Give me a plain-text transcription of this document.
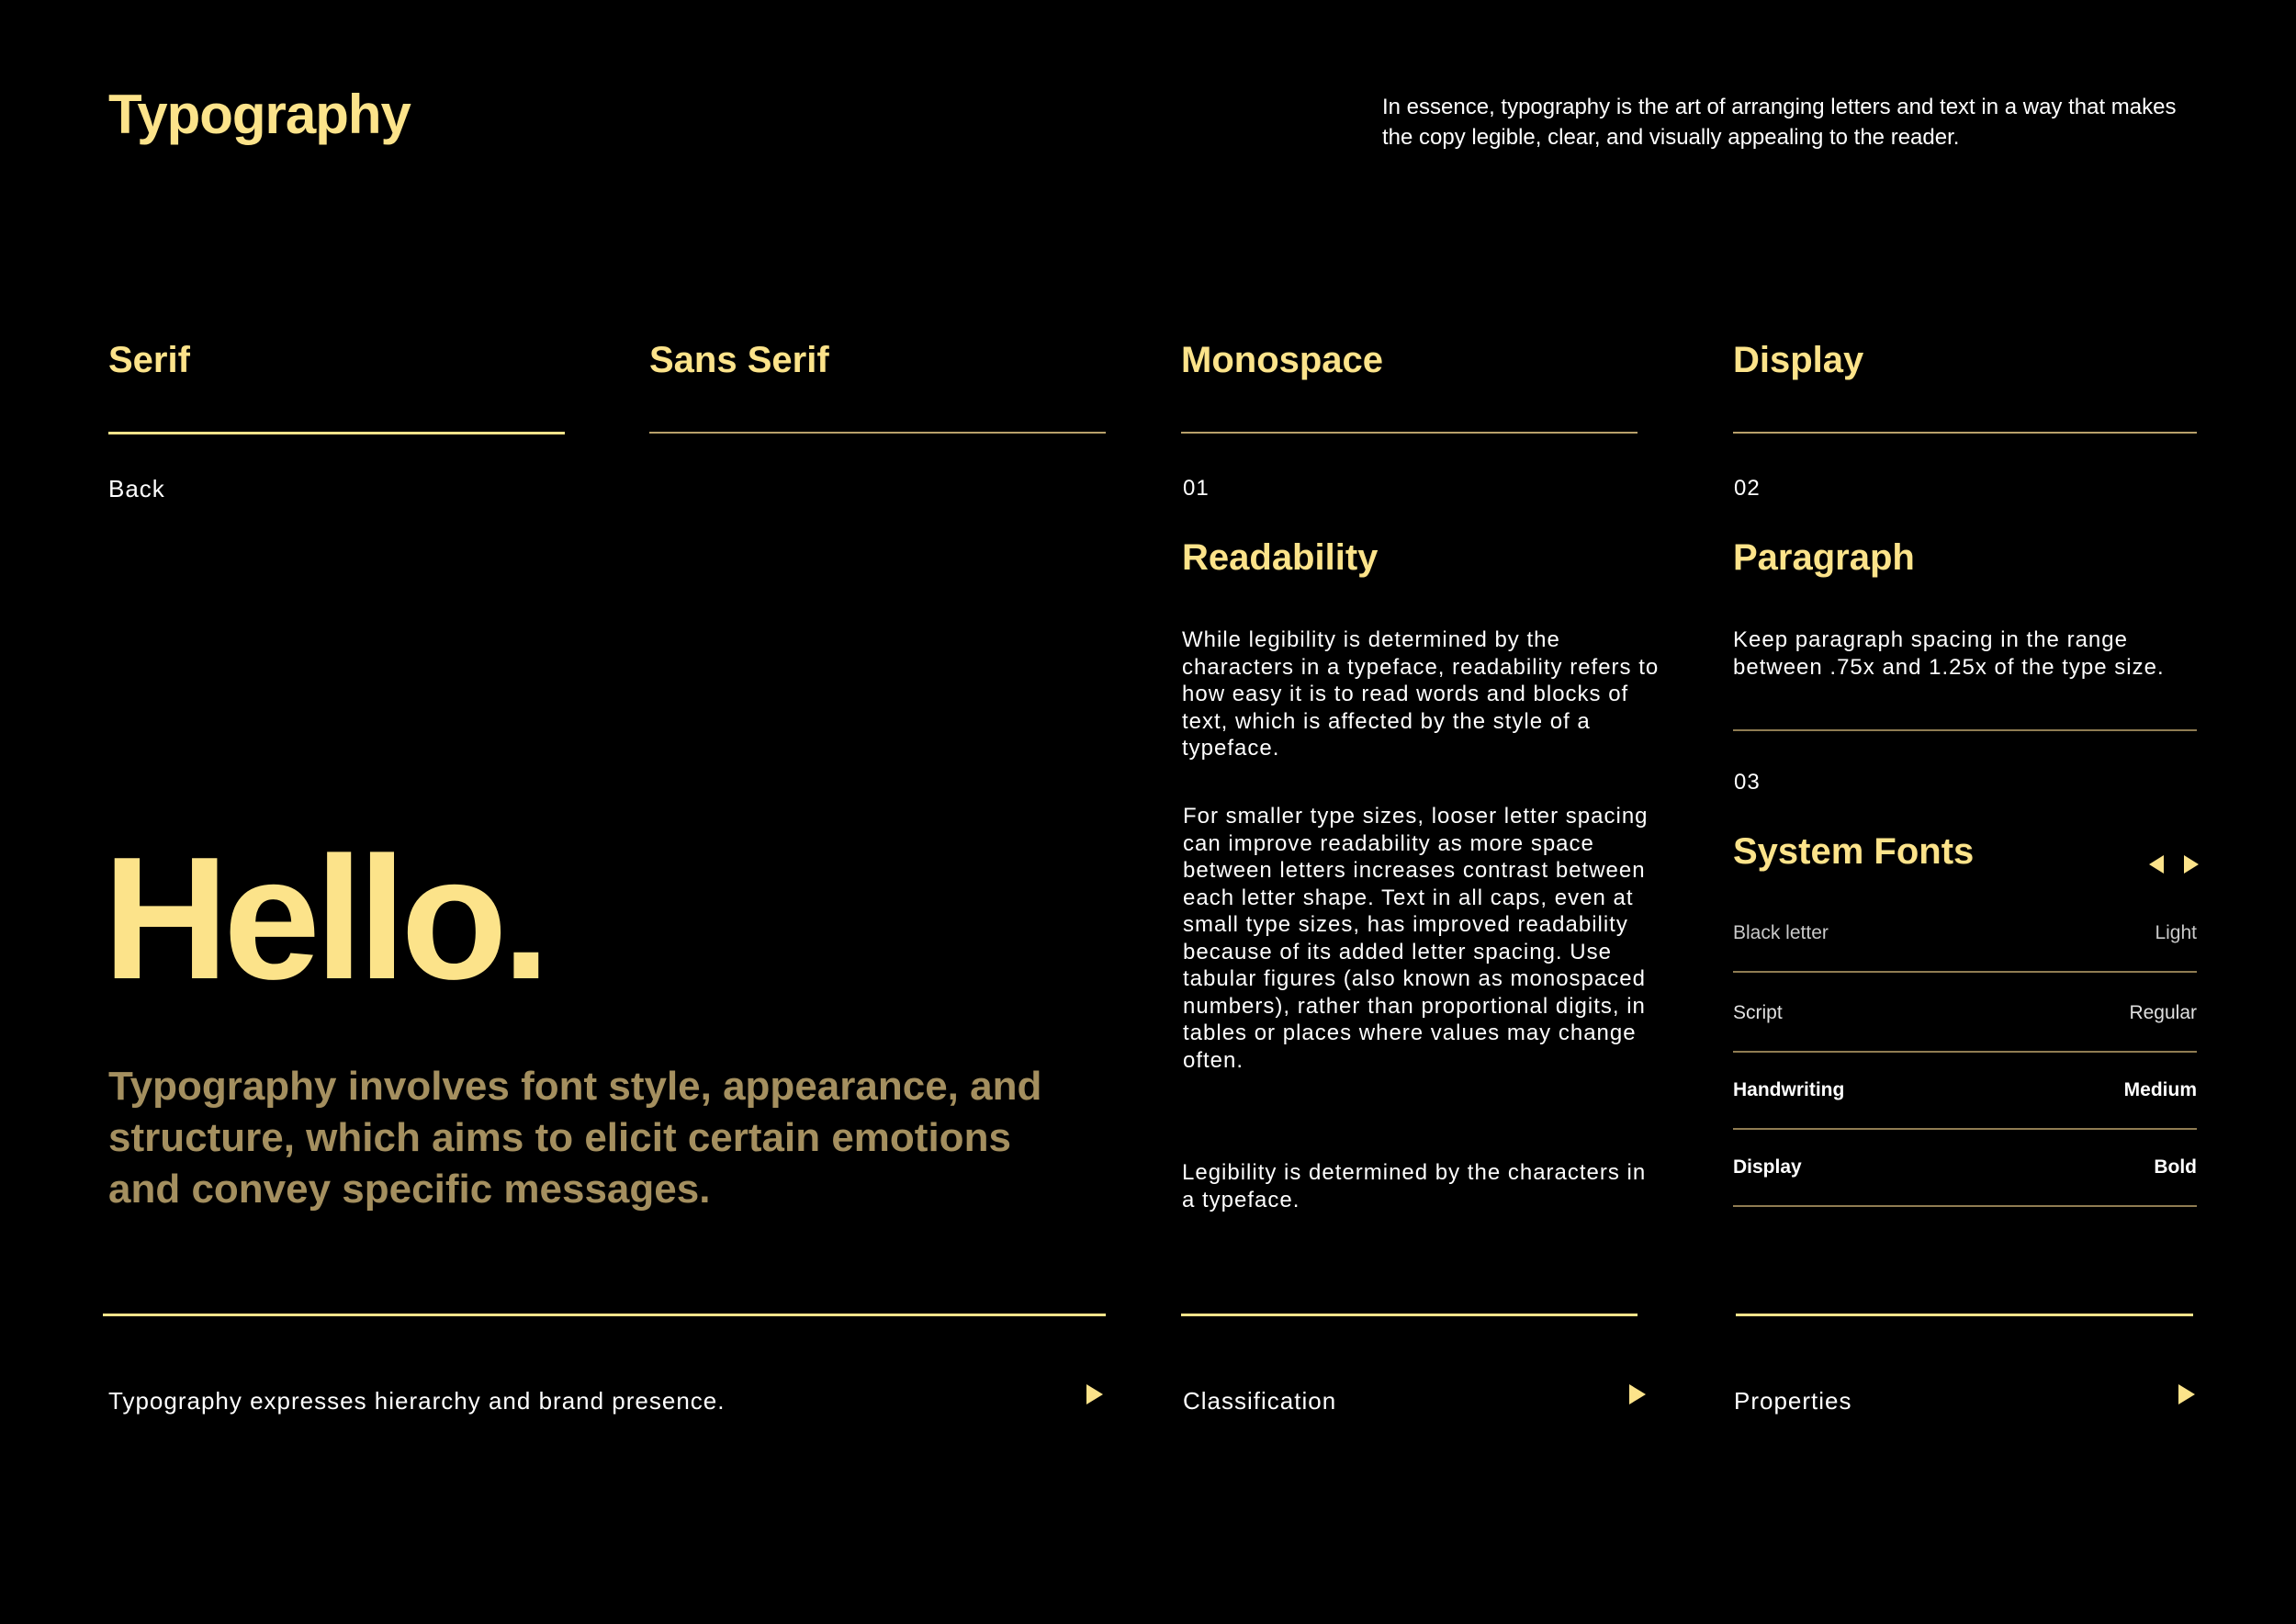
Typography	In essence, typography is the art of arranging letters and text in a way that makes the copy legible, clear, and visually appealing to the reader.
Serif	Sans Serif	Monospace	Display
Back
Hello.
Typography involves font style, appearance, and structure, which aims to elicit certain emotions and convey specific messages.
01
Readability
While legibility is determined by the characters in a typeface, readability refers to how easy it is to read words and blocks of text, which is affected by the style of a typeface.
For smaller type sizes, looser letter spacing can improve readability as more space between letters increases contrast between each letter shape. Text in all caps, even at small type sizes, has improved readability because of its added letter spacing. Use tabular figures (also known as monospaced numbers), rather than proportional digits, in tables or places where values may change often.
Legibility is determined by the characters in a typeface.
02
Paragraph
Keep paragraph spacing in the range between .75x and 1.25x of the type size.
03
System Fonts
Black letter	Light
Script	Regular
Handwriting	Medium
Display	Bold
Typography expresses hierarchy and brand presence.	Classification	Properties
